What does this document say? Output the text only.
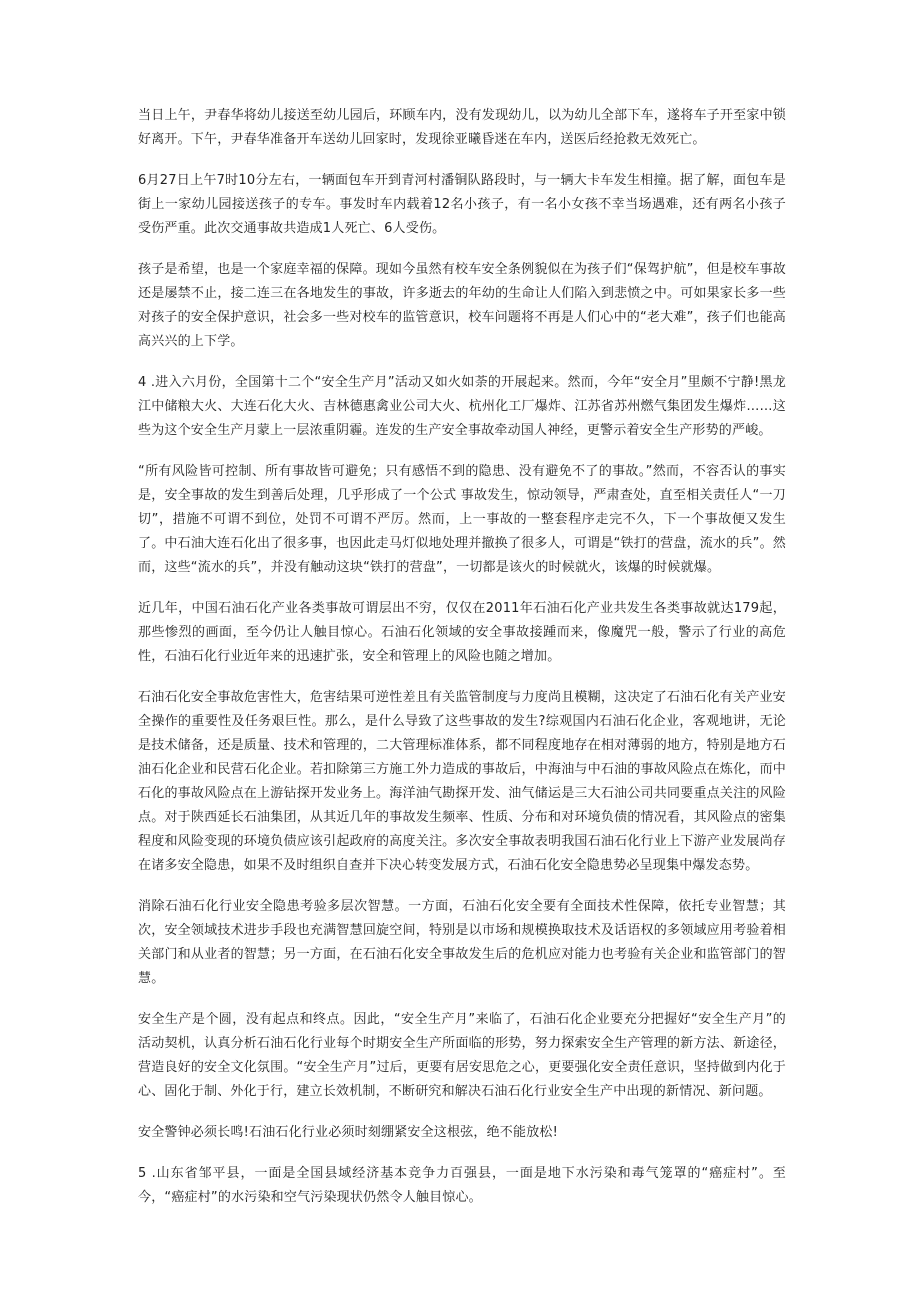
当日上午，尹春华将幼儿接送至幼儿园后，环顾车内，没有发现幼儿，以为幼儿全部下车，遂将车子开至家中锁好离开。下午，尹春华准备开车送幼儿回家时，发现徐亚曦昏迷在车内，送医后经抢救无效死亡。

6月27日上午7时10分左右，一辆面包车开到青河村潘铜队路段时，与一辆大卡车发生相撞。据了解，面包车是街上一家幼儿园接送孩子的专车。事发时车内载着12名小孩子，有一名小女孩不幸当场遇难，还有两名小孩子受伤严重。此次交通事故共造成1人死亡、6人受伤。

孩子是希望，也是一个家庭幸福的保障。现如今虽然有校车安全条例貌似在为孩子们“保驾护航”，但是校车事故还是屡禁不止，接二连三在各地发生的事故，许多逝去的年幼的生命让人们陷入到悲愤之中。可如果家长多一些对孩子的安全保护意识，社会多一些对校车的监管意识，校车问题将不再是人们心中的“老大难”，孩子们也能高高兴兴的上下学。

4 .进入六月份，全国第十二个“安全生产月”活动又如火如荼的开展起来。然而，今年“安全月”里颇不宁静!黑龙江中储粮大火、大连石化大火、吉林德惠禽业公司大火、杭州化工厂爆炸、江苏省苏州燃气集团发生爆炸……这些为这个安全生产月蒙上一层浓重阴霾。连发的生产安全事故牵动国人神经，更警示着安全生产形势的严峻。

“所有风险皆可控制、所有事故皆可避免；只有感悟不到的隐患、没有避免不了的事故。”然而，不容否认的事实是，安全事故的发生到善后处理，几乎形成了一个公式 事故发生，惊动领导，严肃查处，直至相关责任人“一刀切”，措施不可谓不到位，处罚不可谓不严厉。然而，上一事故的一整套程序走完不久，下一个事故便又发生了。中石油大连石化出了很多事，也因此走马灯似地处理并撤换了很多人，可谓是“铁打的营盘，流水的兵”。然而，这些“流水的兵”，并没有触动这块“铁打的营盘”，一切都是该火的时候就火，该爆的时候就爆。

近几年，中国石油石化产业各类事故可谓层出不穷，仅仅在2011年石油石化产业共发生各类事故就达179起，那些惨烈的画面，至今仍让人触目惊心。石油石化领域的安全事故接踵而来，像魔咒一般，警示了行业的高危性，石油石化行业近年来的迅速扩张，安全和管理上的风险也随之增加。

石油石化安全事故危害性大，危害结果可逆性差且有关监管制度与力度尚且模糊，这决定了石油石化有关产业安全操作的重要性及任务艰巨性。那么，是什么导致了这些事故的发生?综观国内石油石化企业，客观地讲，无论是技术储备，还是质量、技术和管理的，二大管理标准体系，都不同程度地存在相对薄弱的地方，特别是地方石油石化企业和民营石化企业。若扣除第三方施工外力造成的事故后，中海油与中石油的事故风险点在炼化，而中石化的事故风险点在上游钻探开发业务上。海洋油气勘探开发、油气储运是三大石油公司共同要重点关注的风险点。对于陕西延长石油集团，从其近几年的事故发生频率、性质、分布和对环境负债的情况看，其风险点的密集程度和风险变现的环境负债应该引起政府的高度关注。多次安全事故表明我国石油石化行业上下游产业发展尚存在诸多安全隐患，如果不及时组织自查并下决心转变发展方式，石油石化安全隐患势必呈现集中爆发态势。

消除石油石化行业安全隐患考验多层次智慧。一方面，石油石化安全要有全面技术性保障，依托专业智慧；其次，安全领域技术进步手段也充满智慧回旋空间，特别是以市场和规模换取技术及话语权的多领域应用考验着相关部门和从业者的智慧；另一方面，在石油石化安全事故发生后的危机应对能力也考验有关企业和监管部门的智慧。

安全生产是个圆，没有起点和终点。因此，“安全生产月”来临了，石油石化企业要充分把握好“安全生产月”的活动契机，认真分析石油石化行业每个时期安全生产所面临的形势，努力探索安全生产管理的新方法、新途径，营造良好的安全文化氛围。“安全生产月”过后，更要有居安思危之心，更要强化安全责任意识，坚持做到内化于心、固化于制、外化于行，建立长效机制，不断研究和解决石油石化行业安全生产中出现的新情况、新问题。

安全警钟必须长鸣!石油石化行业必须时刻绷紧安全这根弦，绝不能放松!

5 .山东省邹平县，一面是全国县域经济基本竞争力百强县，一面是地下水污染和毒气笼罩的“癌症村”。至今，“癌症村”的水污染和空气污染现状仍然令人触目惊心。
